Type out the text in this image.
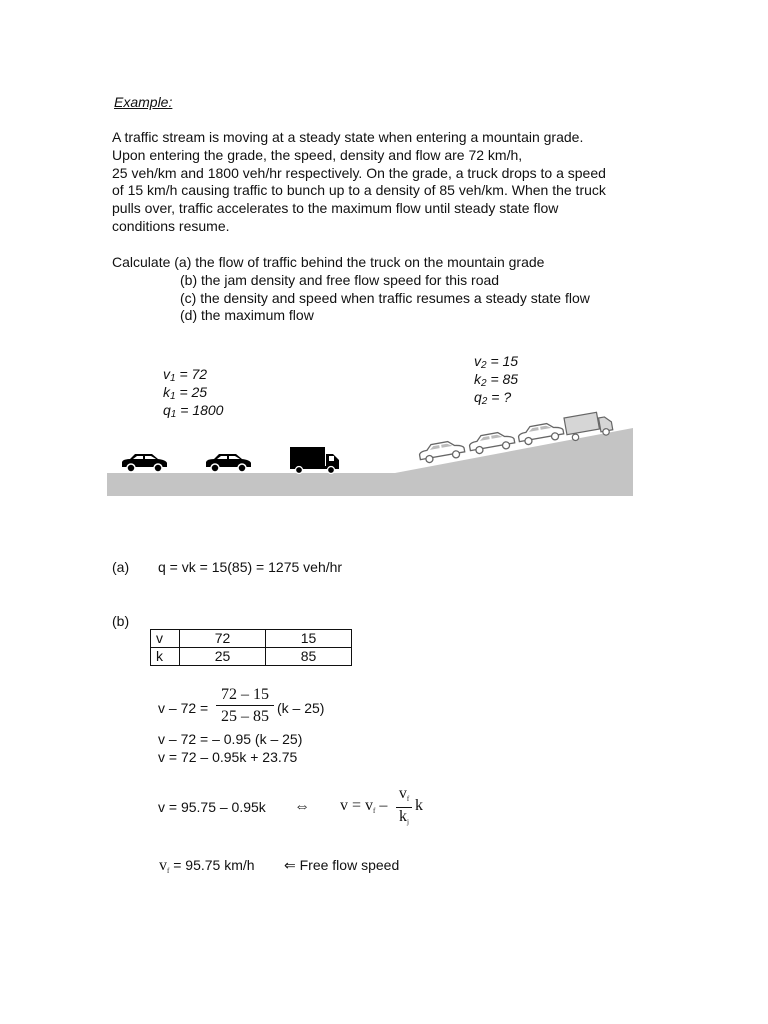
Example:
A traffic stream is moving at a steady state when entering a mountain grade.
Upon entering the grade, the speed, density and flow are 72 km/h,
25 veh/km and 1800 veh/hr respectively. On the grade, a truck drops to a speed
of 15 km/h causing traffic to bunch up to a density of 85 veh/km. When the truck
pulls over, traffic accelerates to the maximum flow until steady state flow
conditions resume.
Calculate (a) the flow of traffic behind the truck on the mountain grade
(b) the jam density and free flow speed for this road
(c) the density and speed when traffic resumes a steady state flow
(d) the maximum flow
$v_1 = 72$
$k_1 = 25$
$q_1 = 1800$
$v_2 = 15$
$k_2 = 85$
$q_2$ = ?
(a) q = vk = 15(85) = 1275 veh/hr
(b)
v	72	15
k	25	85
v – 72 =
72 – 15
25 – 85 (k – 25)
v – 72 = – 0.95 (k – 25)
v = 72 – 0.95k + 23.75
v = 95.75 – 0.95k ⇔ v = vf –
vf
kj
k
$v_f = 95.75$ km/h ⇐ Free flow speed
